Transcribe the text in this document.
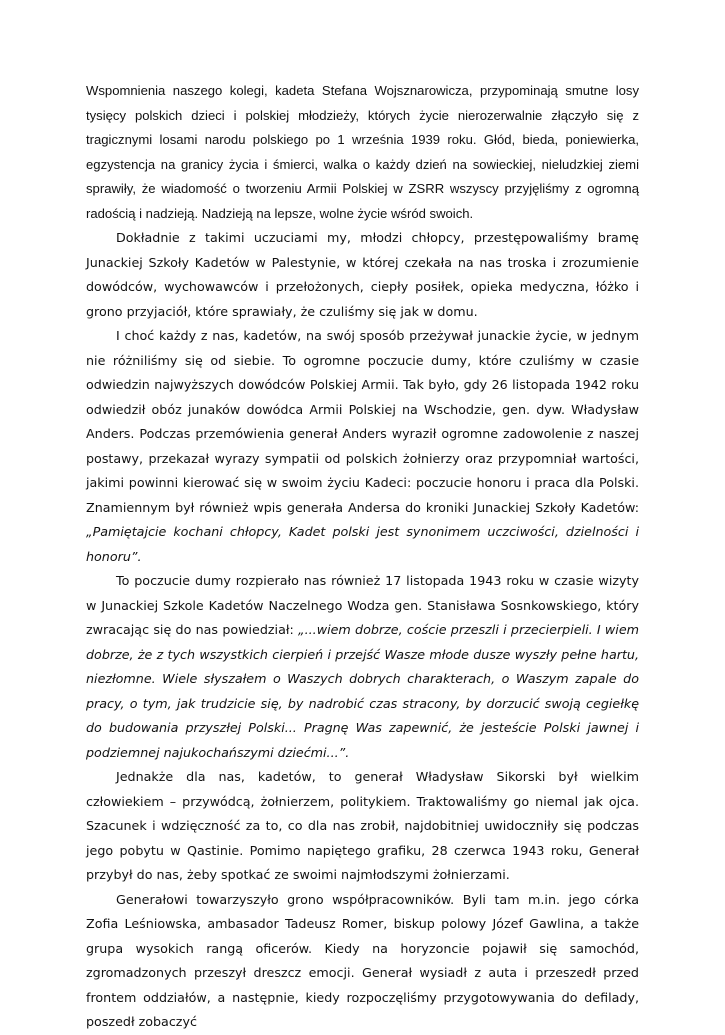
Wspomnienia naszego kolegi, kadeta Stefana Wojsznarowicza, przypominają smutne losy tysięcy polskich dzieci i polskiej młodzieży, których życie nierozerwalnie złączyło się z tragicznymi losami narodu polskiego po 1 września 1939 roku. Głód, bieda, poniewierka, egzystencja na granicy życia i śmierci, walka o każdy dzień na sowieckiej, nieludzkiej ziemi sprawiły, że wiadomość o tworzeniu Armii Polskiej w ZSRR wszyscy przyjęliśmy z ogromną radością i nadzieją. Nadzieją na lepsze, wolne życie wśród swoich.

Dokładnie z takimi uczuciami my, młodzi chłopcy, przestępowaliśmy bramę Junackiej Szkoły Kadetów w Palestynie, w której czekała na nas troska i zrozumienie dowódców, wychowawców i przełożonych, ciepły posiłek, opieka medyczna, łóżko i grono przyjaciół, które sprawiały, że czuliśmy się jak w domu.

I choć każdy z nas, kadetów, na swój sposób przeżywał junackie życie, w jednym nie różniliśmy się od siebie. To ogromne poczucie dumy, które czuliśmy w czasie odwiedzin najwyższych dowódców Polskiej Armii. Tak było, gdy 26 listopada 1942 roku odwiedził obóz junaków dowódca Armii Polskiej na Wschodzie, gen. dyw. Władysław Anders. Podczas przemówienia generał Anders wyraził ogromne zadowolenie z naszej postawy, przekazał wyrazy sympatii od polskich żołnierzy oraz przypomniał wartości, jakimi powinni kierować się w swoim życiu Kadeci: poczucie honoru i praca dla Polski. Znamiennym był również wpis generała Andersa do kroniki Junackiej Szkoły Kadetów: „Pamiętajcie kochani chłopcy, Kadet polski jest synonimem uczciwości, dzielności i honoru”.

To poczucie dumy rozpierało nas również 17 listopada 1943 roku w czasie wizyty w Junackiej Szkole Kadetów Naczelnego Wodza gen. Stanisława Sosnkowskiego, który zwracając się do nas powiedział: „...wiem dobrze, coście przeszli i przecierpieli. I wiem dobrze, że z tych wszystkich cierpień i przejść Wasze młode dusze wyszły pełne hartu, niezłomne. Wiele słyszałem o Waszych dobrych charakterach, o Waszym zapale do pracy, o tym, jak trudzicie się, by nadrobić czas stracony, by dorzucić swoją cegiełkę do budowania przyszłej Polski... Pragnę Was zapewnić, że jesteście Polski jawnej i podziemnej najukochańszymi dziećmi...”.

Jednakże dla nas, kadetów, to generał Władysław Sikorski był wielkim człowiekiem – przywódcą, żołnierzem, politykiem. Traktowaliśmy go niemal jak ojca. Szacunek i wdzięczność za to, co dla nas zrobił, najdobitniej uwidoczniły się podczas jego pobytu w Qastinie. Pomimo napiętego grafiku, 28 czerwca 1943 roku, Generał przybył do nas, żeby spotkać ze swoimi najmłodszymi żołnierzami.

Generałowi towarzyszyło grono współpracowników. Byli tam m.in. jego córka Zofia Leśniowska, ambasador Tadeusz Romer, biskup polowy Józef Gawlina, a także grupa wysokich rangą oficerów. Kiedy na horyzoncie pojawił się samochód, zgromadzonych przeszył dreszcz emocji. Generał wysiadł z auta i przeszedł przed frontem oddziałów, a następnie, kiedy rozpoczęliśmy przygotowywania do defilady, poszedł zobaczyć
